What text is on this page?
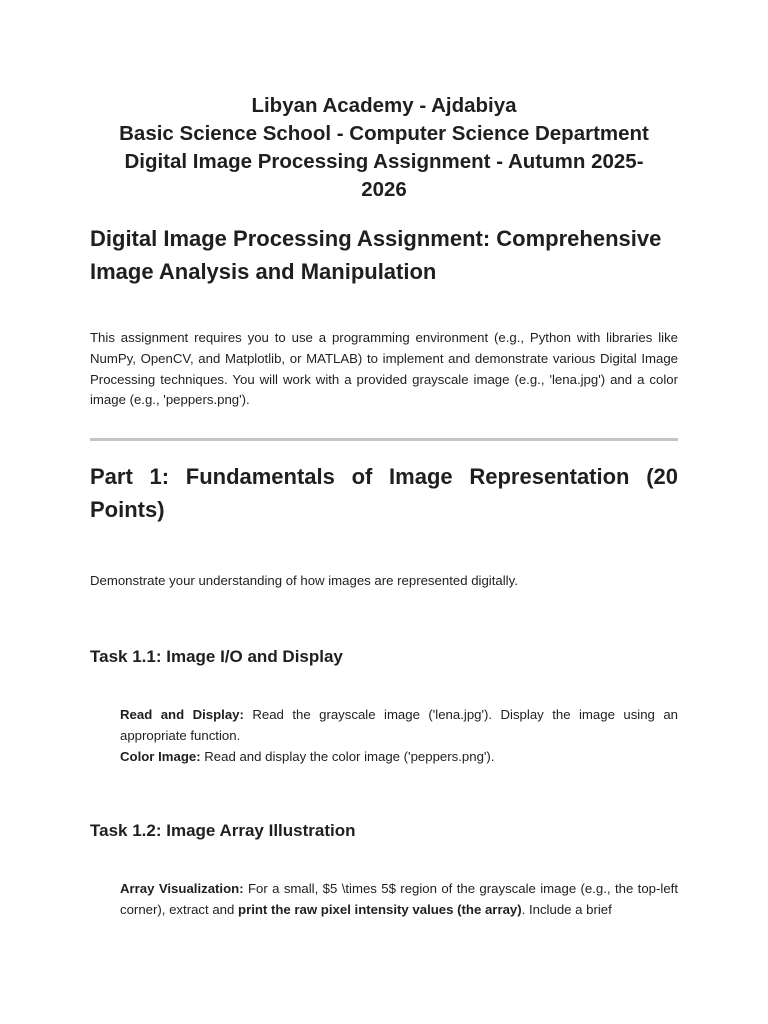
Libyan Academy - Ajdabiya
Basic Science School - Computer Science Department
Digital Image Processing Assignment - Autumn 2025-
2026
Digital Image Processing Assignment: Comprehensive Image Analysis and Manipulation

This assignment requires you to use a programming environment (e.g., Python with libraries like NumPy, OpenCV, and Matplotlib, or MATLAB) to implement and demonstrate various Digital Image Processing techniques. You will work with a provided grayscale image (e.g., 'lena.jpg') and a color image (e.g., 'peppers.png').

Part 1: Fundamentals of Image Representation (20 Points)

Demonstrate your understanding of how images are represented digitally.

Task 1.1: Image I/O and Display

Read and Display: Read the grayscale image ('lena.jpg'). Display the image using an appropriate function.

Color Image: Read and display the color image ('peppers.png').

Task 1.2: Image Array Illustration

Array Visualization: For a small, $5 \times 5$ region of the grayscale image (e.g., the top-left corner), extract and print the raw pixel intensity values (the array). Include a brief
